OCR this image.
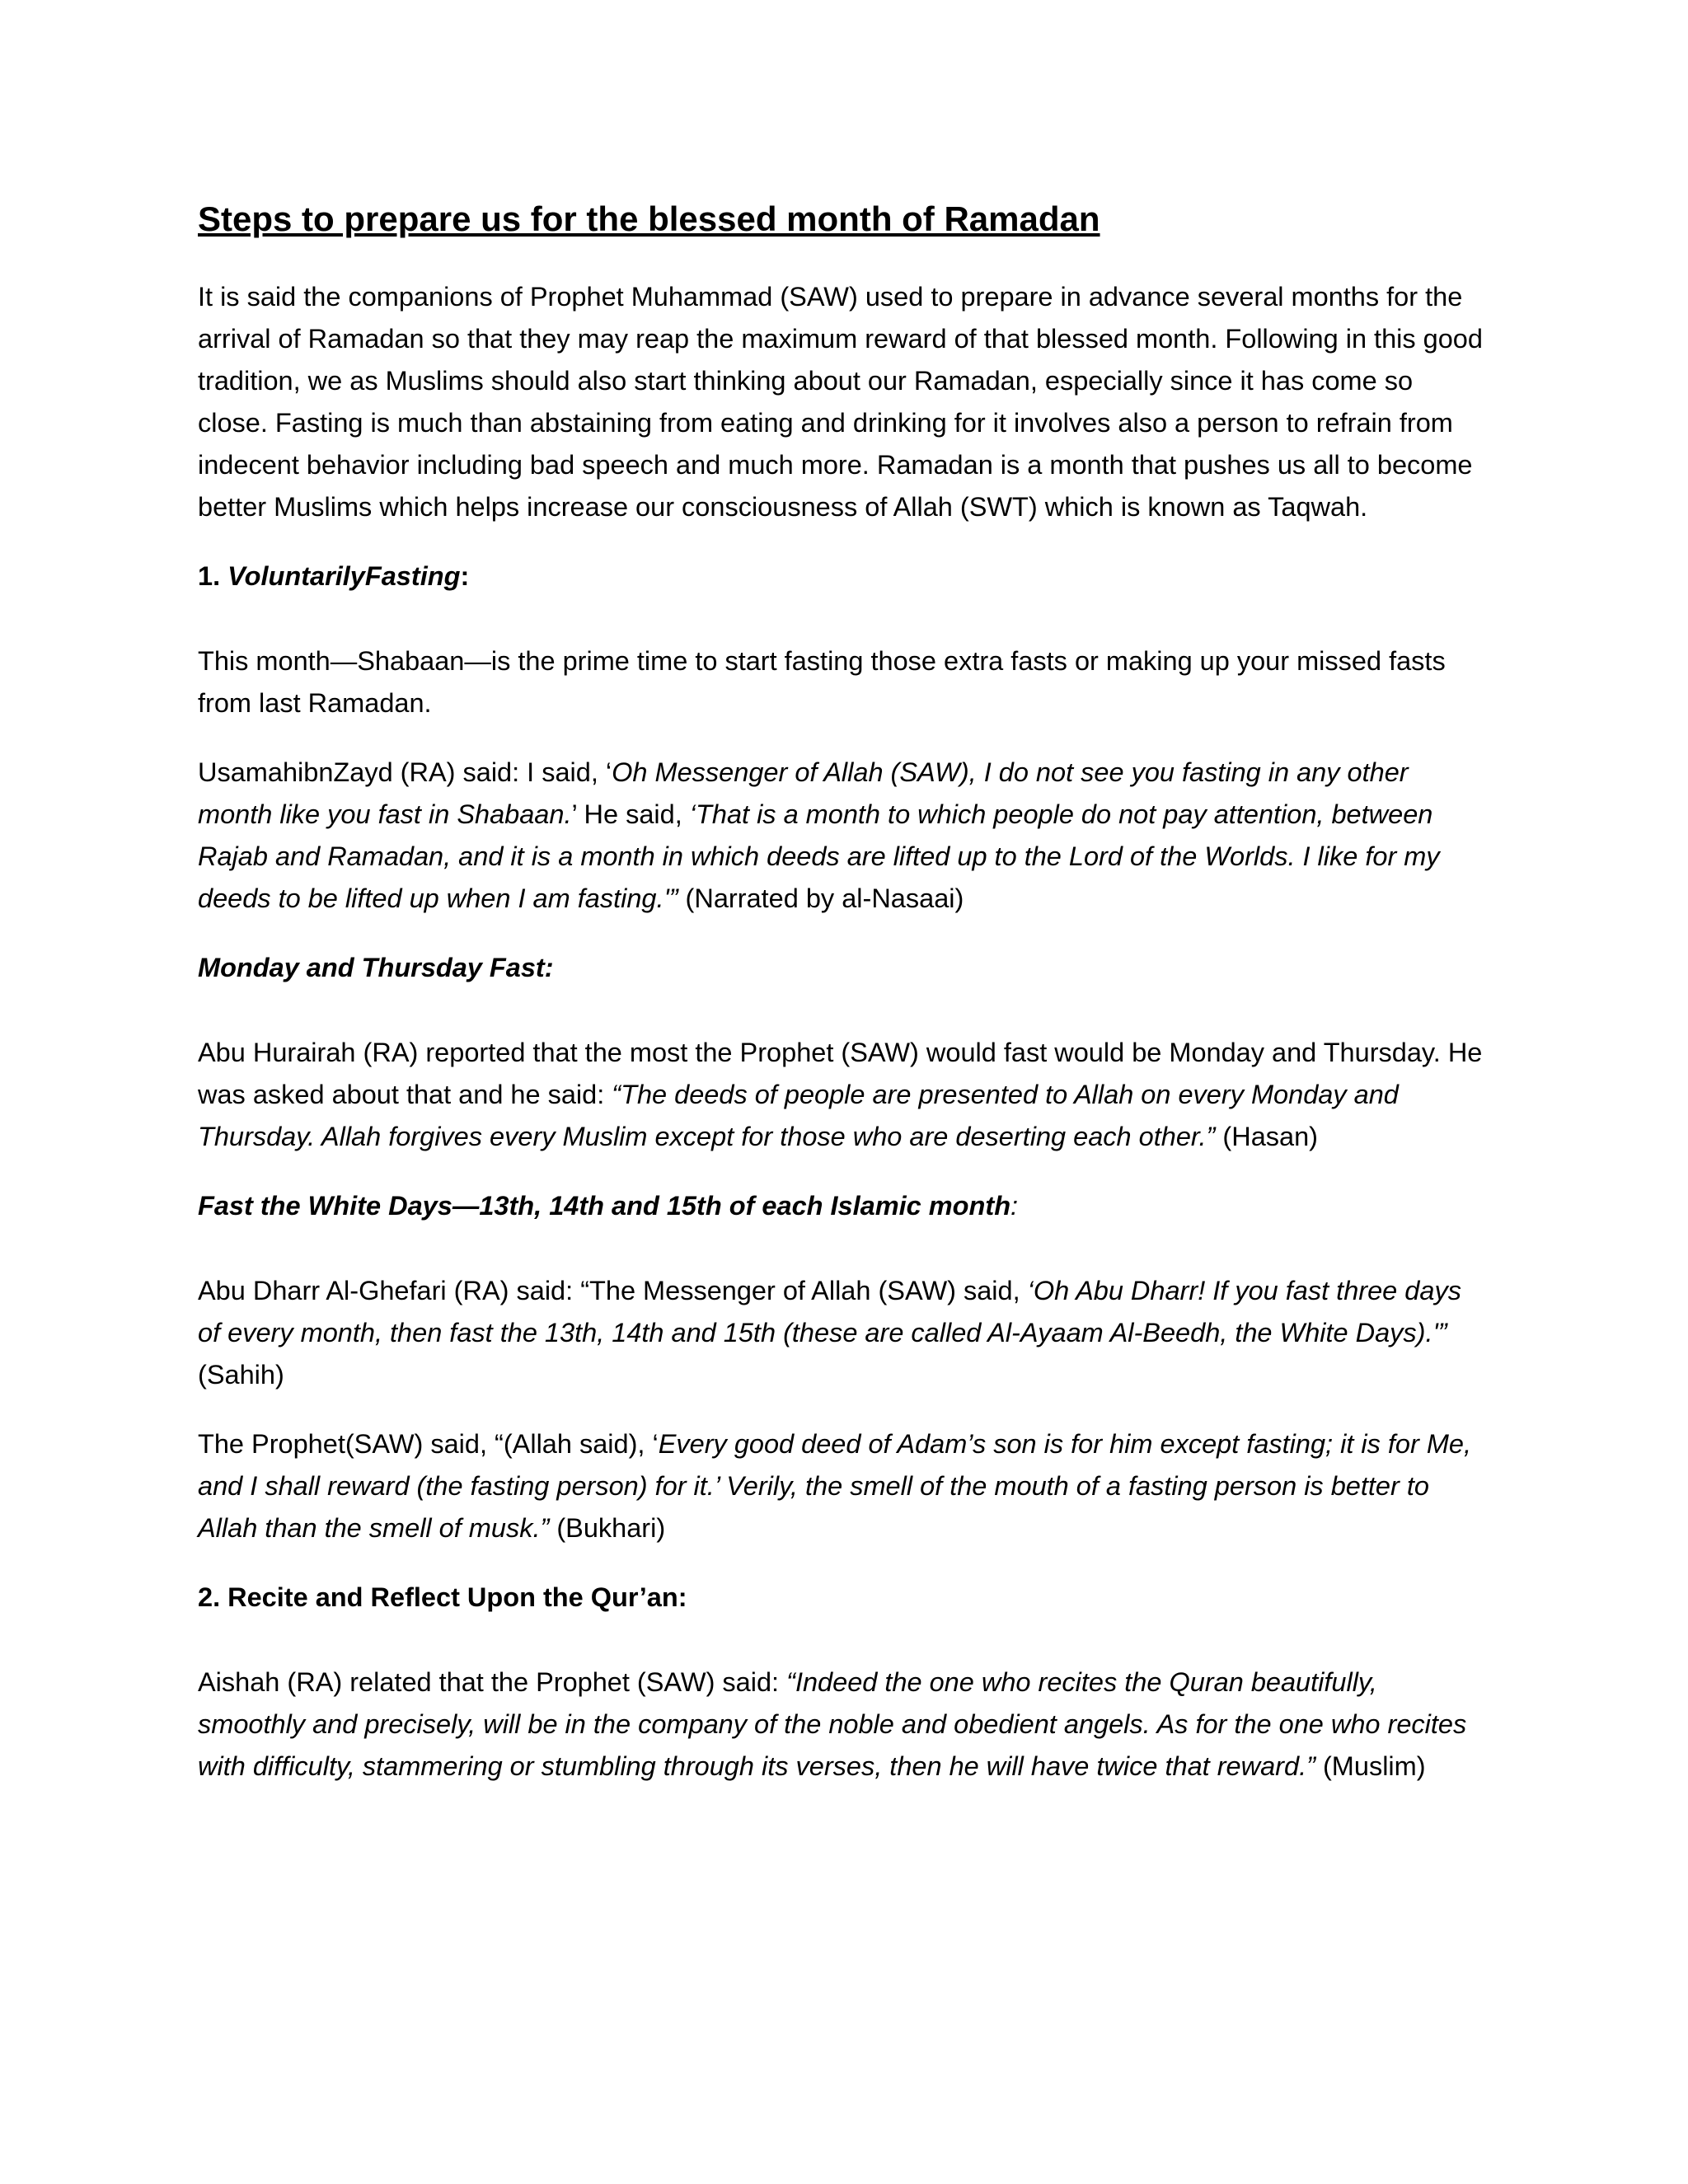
Steps to prepare us for the blessed month of Ramadan

It is said the companions of Prophet Muhammad (SAW) used to prepare in advance several months for the arrival of Ramadan so that they may reap the maximum reward of that blessed month. Following in this good tradition, we as Muslims should also start thinking about our Ramadan, especially since it has come so close. Fasting is much than abstaining from eating and drinking for it involves also a person to refrain from indecent behavior including bad speech and much more. Ramadan is a month that pushes us all to become better Muslims which helps increase our consciousness of Allah (SWT) which is known as Taqwah.

1. VoluntarilyFasting:

This month—Shabaan—is the prime time to start fasting those extra fasts or making up your missed fasts from last Ramadan.

UsamahibnZayd (RA) said: I said, ‘Oh Messenger of Allah (SAW), I do not see you fasting in any other month like you fast in Shabaan.’ He said, ‘That is a month to which people do not pay attention, between Rajab and Ramadan, and it is a month in which deeds are lifted up to the Lord of the Worlds. I like for my deeds to be lifted up when I am fasting.'” (Narrated by al-Nasaai)

Monday and Thursday Fast:

Abu Hurairah (RA) reported that the most the Prophet (SAW) would fast would be Monday and Thursday. He was asked about that and he said: “The deeds of people are presented to Allah on every Monday and Thursday. Allah forgives every Muslim except for those who are deserting each other.” (Hasan)

Fast the White Days—13th, 14th and 15th of each Islamic month:

Abu Dharr Al-Ghefari (RA) said: “The Messenger of Allah (SAW) said, ‘Oh Abu Dharr! If you fast three days of every month, then fast the 13th, 14th and 15th (these are called Al-Ayaam Al-Beedh, the White Days).'” (Sahih)

The Prophet(SAW) said, “(Allah said), ‘Every good deed of Adam’s son is for him except fasting; it is for Me, and I shall reward (the fasting person) for it.’ Verily, the smell of the mouth of a fasting person is better to Allah than the smell of musk.” (Bukhari)

2. Recite and Reflect Upon the Qur’an:

Aishah (RA) related that the Prophet (SAW) said: “Indeed the one who recites the Quran beautifully, smoothly and precisely, will be in the company of the noble and obedient angels. As for the one who recites with difficulty, stammering or stumbling through its verses, then he will have twice that reward.” (Muslim)
